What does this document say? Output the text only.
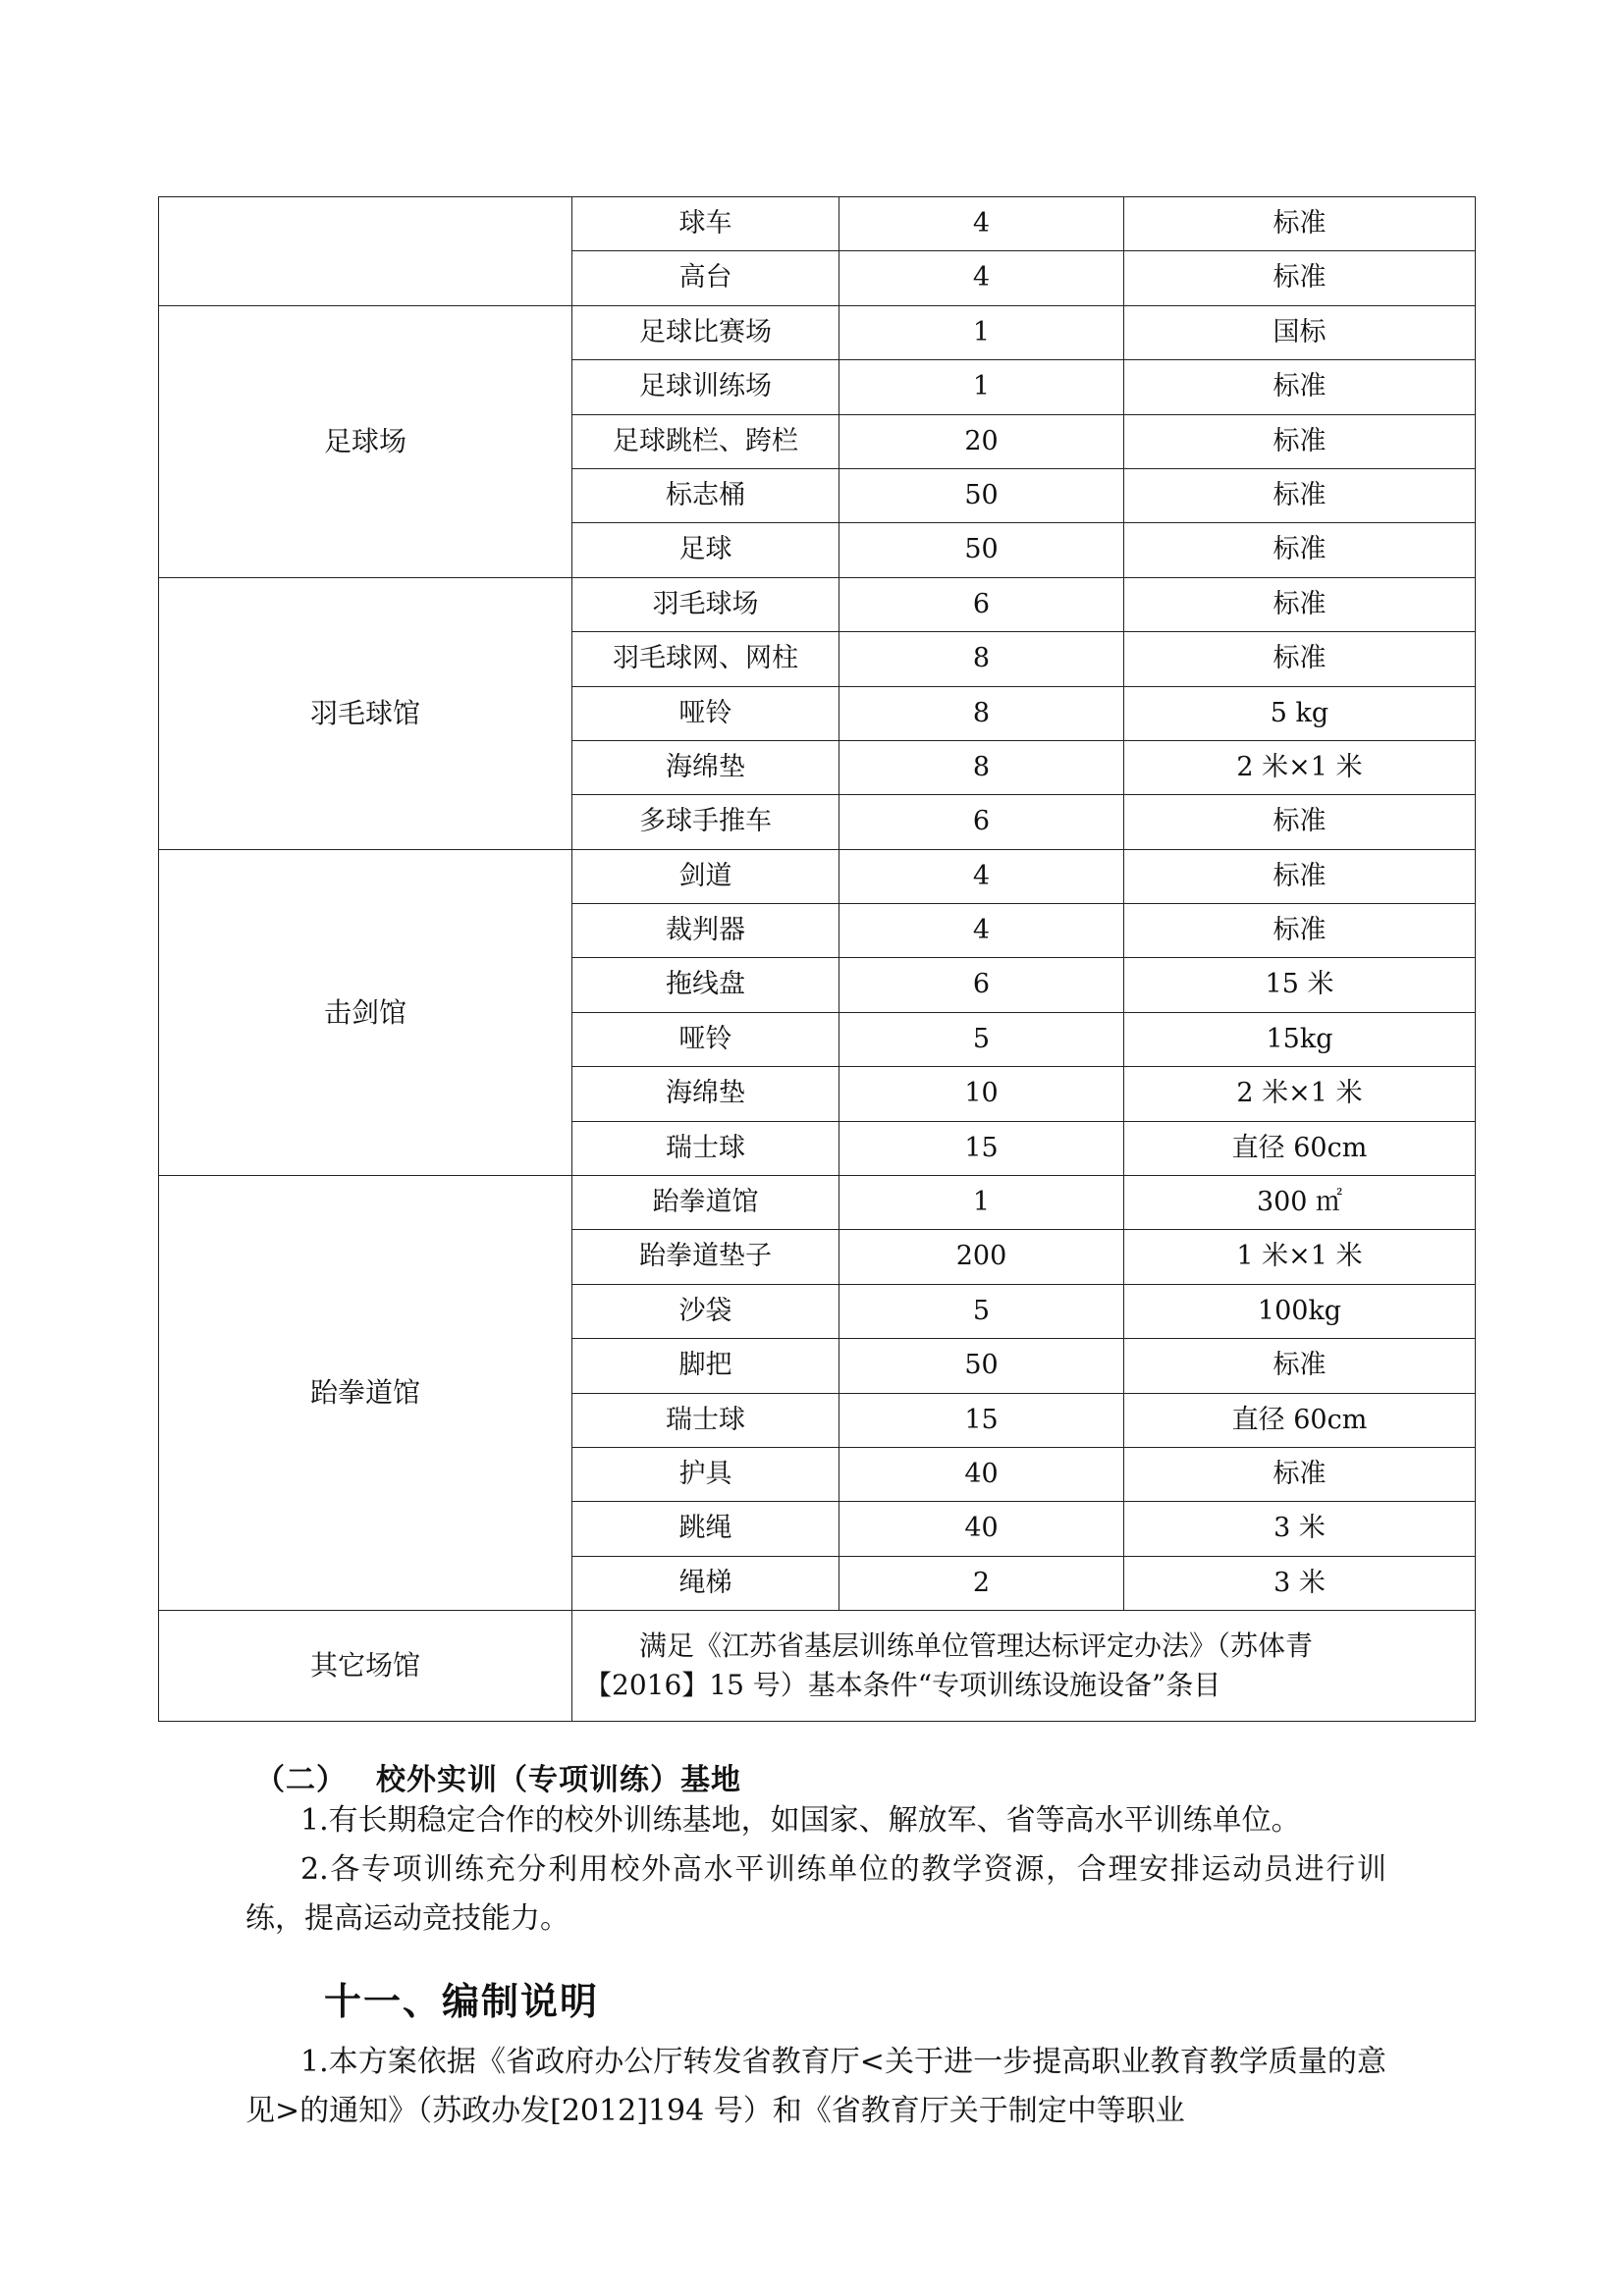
	球车	4	标准
	高台	4	标准
足球场	足球比赛场	1	国标
	足球训练场	1	标准
	足球跳栏、跨栏	20	标准
	标志桶	50	标准
	足球	50	标准
羽毛球馆	羽毛球场	6	标准
	羽毛球网、网柱	8	标准
	哑铃	8	5 kg
	海绵垫	8	2 米×1 米
	多球手推车	6	标准
击剑馆	剑道	4	标准
	裁判器	4	标准
	拖线盘	6	15 米
	哑铃	5	15kg
	海绵垫	10	2 米×1 米
	瑞士球	15	直径 60cm
跆拳道馆	跆拳道馆	1	300 ㎡
	跆拳道垫子	200	1 米×1 米
	沙袋	5	100kg
	脚把	50	标准
	瑞士球	15	直径 60cm
	护具	40	标准
	跳绳	40	3 米
	绳梯	2	3 米
其它场馆	满足《江苏省基层训练单位管理达标评定办法》（苏体青
【2016】15 号）基本条件“专项训练设施设备”条目		
（二） 校外实训（专项训练）基地
1.有长期稳定合作的校外训练基地，如国家、解放军、省等高水平训练单位。
2.各专项训练充分利用校外高水平训练单位的教学资源，合理安排运动员进行训练，提高运动竞技能力。
十一、编制说明
1.本方案依据《省政府办公厅转发省教育厅<关于进一步提高职业教育教学质量的意见>的通知》（苏政办发[2012]194 号）和《省教育厅关于制定中等职业
